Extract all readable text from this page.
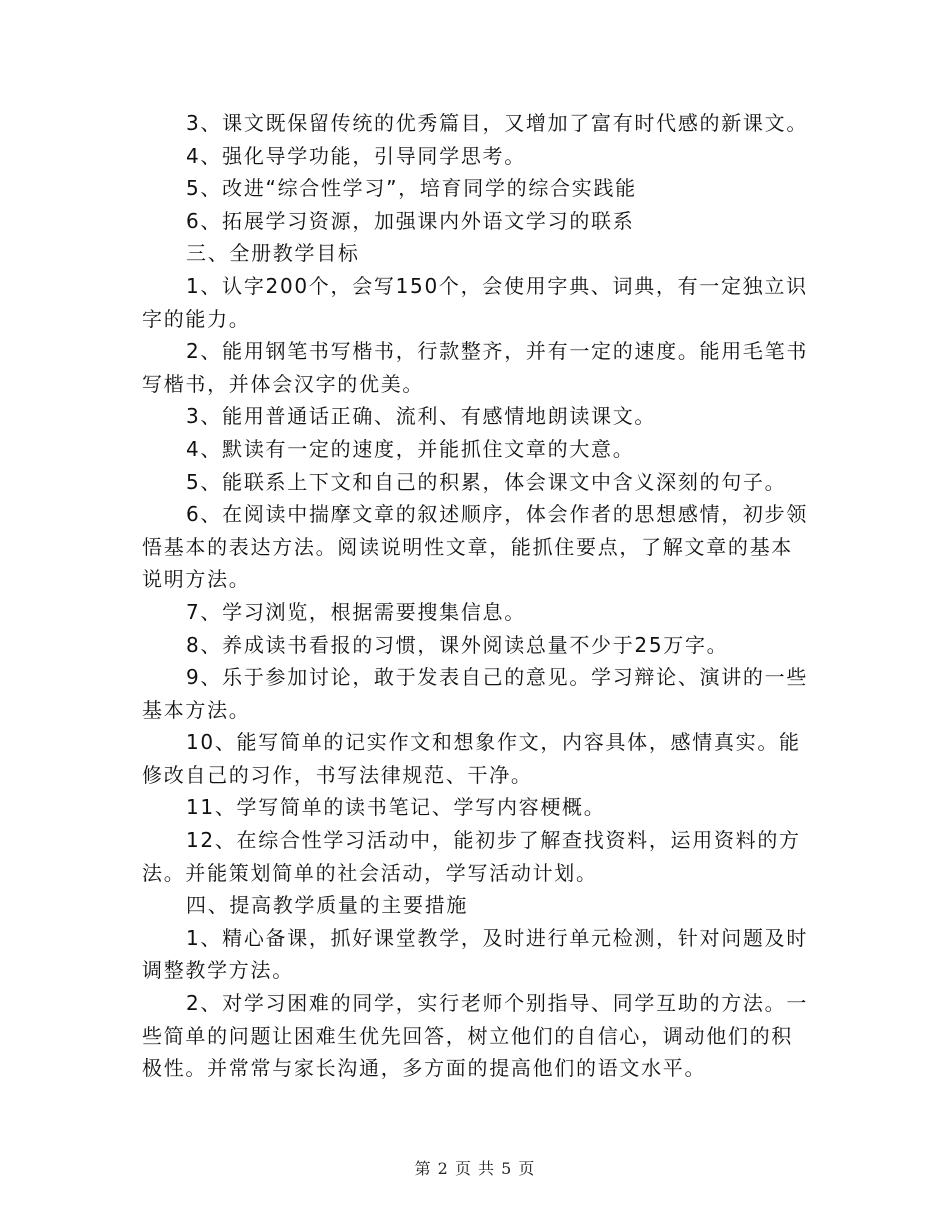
3、课文既保留传统的优秀篇目，又增加了富有时代感的新课文。

4、强化导学功能，引导同学思考。

5、改进“综合性学习”，培育同学的综合实践能

6、拓展学习资源，加强课内外语文学习的联系

三、全册教学目标

1、认字200个，会写150个，会使用字典、词典，有一定独立识字的能力。

2、能用钢笔书写楷书，行款整齐，并有一定的速度。能用毛笔书写楷书，并体会汉字的优美。

3、能用普通话正确、流利、有感情地朗读课文。

4、默读有一定的速度，并能抓住文章的大意。

5、能联系上下文和自己的积累，体会课文中含义深刻的句子。

6、在阅读中揣摩文章的叙述顺序，体会作者的思想感情，初步领悟基本的表达方法。阅读说明性文章，能抓住要点，了解文章的基本说明方法。

7、学习浏览，根据需要搜集信息。

8、养成读书看报的习惯，课外阅读总量不少于25万字。

9、乐于参加讨论，敢于发表自己的意见。学习辩论、演讲的一些基本方法。

10、能写简单的记实作文和想象作文，内容具体，感情真实。能修改自己的习作，书写法律规范、干净。

11、学写简单的读书笔记、学写内容梗概。

12、在综合性学习活动中，能初步了解查找资料，运用资料的方法。并能策划简单的社会活动，学写活动计划。

四、提高教学质量的主要措施

1、精心备课，抓好课堂教学，及时进行单元检测，针对问题及时调整教学方法。

2、对学习困难的同学，实行老师个别指导、同学互助的方法。一些简单的问题让困难生优先回答，树立他们的自信心，调动他们的积极性。并常常与家长沟通，多方面的提高他们的语文水平。

第 2 页 共 5 页
